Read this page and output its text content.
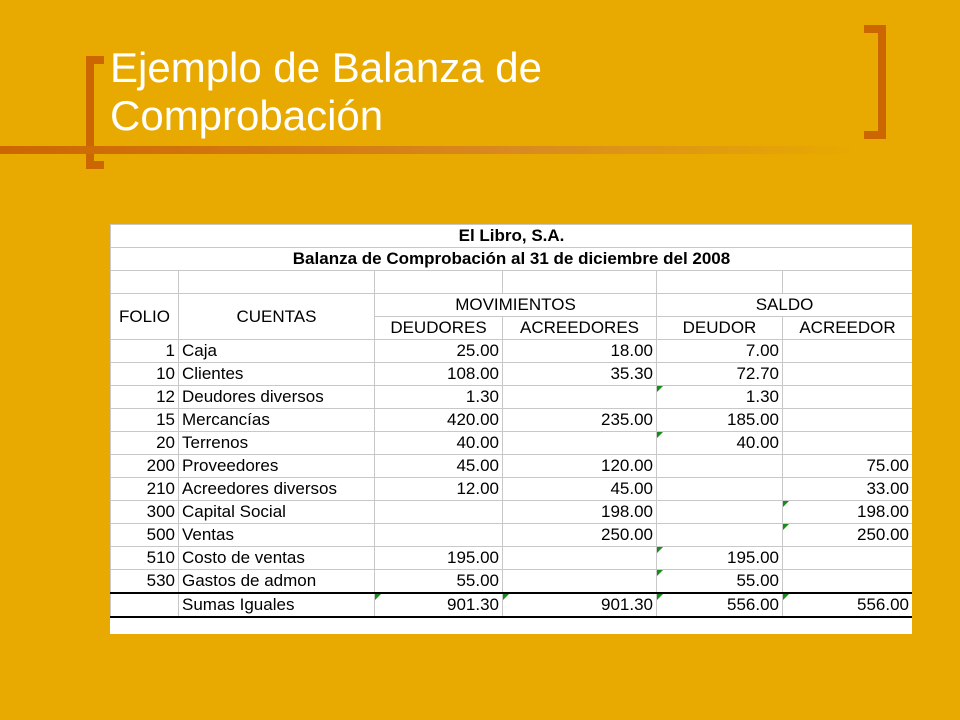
Ejemplo de Balanza de
Comprobación
El Libro, S.A.					
Balanza de Comprobación al 31 de diciembre del 2008					

FOLIO	CUENTAS	MOVIMIENTOS		SALDO	
		DEUDORES	ACREEDORES	DEUDOR	ACREEDOR
1	Caja	25.00	18.00	7.00	
10	Clientes	108.00	35.30	72.70	
12	Deudores diversos	1.30		1.30	
15	Mercancías	420.00	235.00	185.00	
20	Terrenos	40.00		40.00	
200	Proveedores	45.00	120.00		75.00
210	Acreedores diversos	12.00	45.00		33.00
300	Capital Social		198.00		198.00
500	Ventas		250.00		250.00
510	Costo de ventas	195.00		195.00	
530	Gastos de admon	55.00		55.00	
	Sumas Iguales	901.30	901.30	556.00	556.00
